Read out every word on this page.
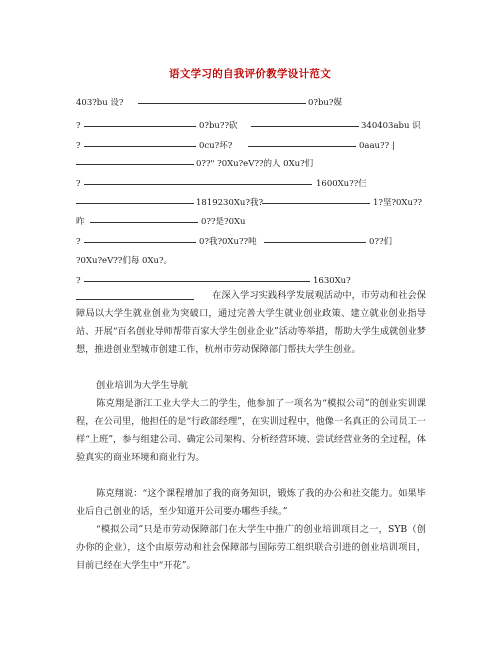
语文学习的自我评价教学设计范文
403?bu 设?	0?bu?媒
?	0?bu??砍	340403abu 识
?	0cu?坏?	0aau?? |
0??" ?0Xu?eV??的人 0Xu?们
?	1600Xu??仨
1819230Xu?我?	1?坚?0Xu??
昨	0??是?0Xu
?	0?我?0Xu??吨	0??们
?0Xu?eV??们每 0Xu?。
?	1630Xu?
在深入学习实践科学发展观活动中，市劳动和社会保障局以大学生就业创业为突破口，通过完善大学生就业创业政策、建立就业创业指导站、开展“百名创业导师帮带百家大学生创业企业”活动等举措，帮助大学生成就创业梦想，推进创业型城市创建工作，杭州市劳动保障部门帮扶大学生创业。
创业培训为大学生导航
陈克翔是浙江工业大学大二的学生，他参加了一项名为“模拟公司”的创业实训课程，在公司里，他担任的是“行政部经理”，在实训过程中，他像一名真正的公司员工一样“上班”，参与组建公司、确定公司架构、分析经营环境、尝试经营业务的全过程，体验真实的商业环境和商业行为。
陈克翔说：“这个课程增加了我的商务知识，锻炼了我的办公和社交能力。如果毕业后自己创业的话，至少知道开公司要办哪些手续。”
“模拟公司”只是市劳动保障部门在大学生中推广的创业培训项目之一，SYB（创办你的企业），这个由原劳动和社会保障部与国际劳工组织联合引进的创业培训项目，目前已经在大学生中“开花”。
